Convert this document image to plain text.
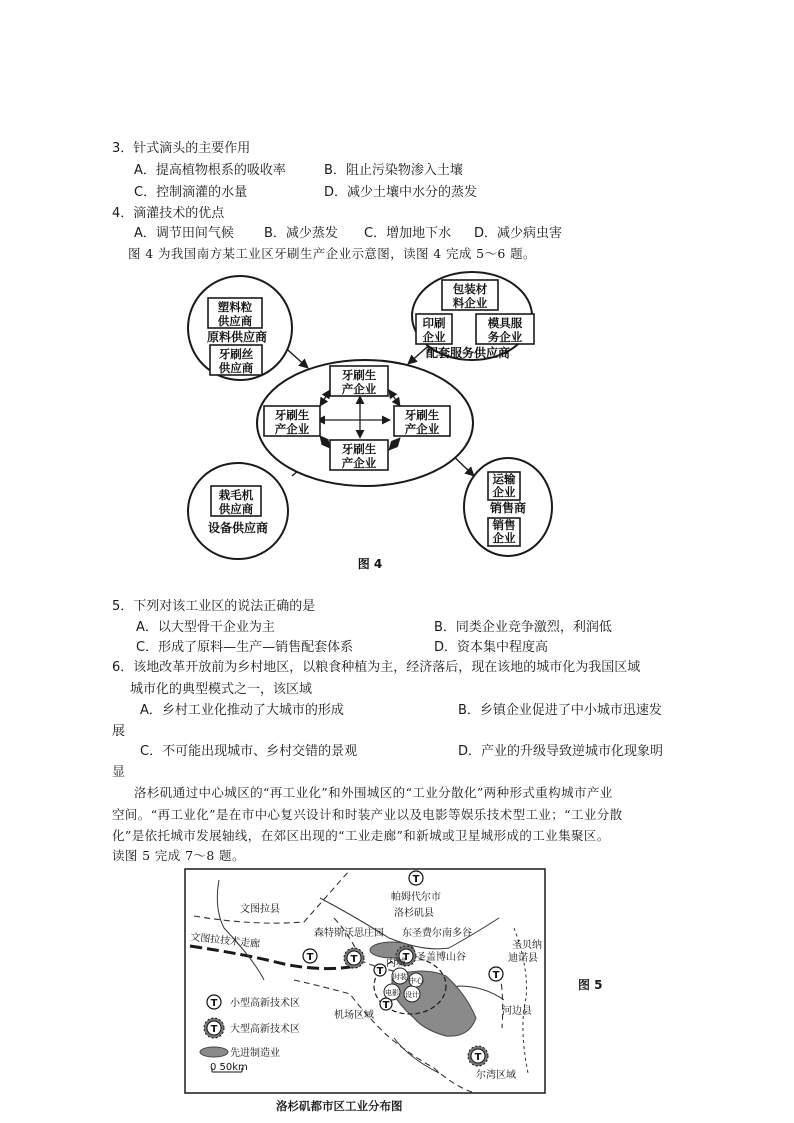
3．针式滴头的主要作用
A．提高植物根系的吸收率	B．阻止污染物渗入土壤
C．控制滴灌的水量	D．减少土壤中水分的蒸发
4．滴灌技术的优点
A．调节田间气候 B．减少蒸发 C．增加地下水 D．减少病虫害
图 4 为我国南方某工业区牙刷生产企业示意图，读图 4 完成 5～6 题。
塑料粒
供应商
原料供应商
牙刷丝
供应商
包装材
料企业
印刷
企业
模具服
务企业
配套服务供应商
牙刷生
产企业
牙刷生
产企业
牙刷生
产企业
牙刷生
产企业
栽毛机
供应商
设备供应商
运输
企业
销售商
销售
企业
图 4
5．下列对该工业区的说法正确的是
A．以大型骨干企业为主	B．同类企业竞争激烈，利润低
C．形成了原料—生产—销售配套体系	D．资本集中程度高
6．该地改革开放前为乡村地区，以粮食种植为主，经济落后，现在该地的城市化为我国区域
城市化的典型模式之一，该区域
A．乡村工业化推动了大城市的形成	B．乡镇企业促进了中小城市迅速发
展
C．不可能出现城市、乡村交错的景观	D．产业的升级导致逆城市化现象明
显
洛杉矶通过中心城区的“再工业化”和外围城区的“工业分散化”两种形式重构城市产业
空间。“再工业化”是在市中心复兴设计和时装产业以及电影等娱乐技术型工业；“工业分散
化”是依托城市发展轴线，在郊区出现的“工业走廊”和新城或卫星城形成的工业集聚区。
读图 5 完成 7～8 题。
时装
电影 设计
中心
T
T
T
T
T
T	T
T
帕姆代尔市
洛杉矶县
文图拉县
文图拉技术走廊	森特斯沃思庄园 东圣费尔南多谷
圣盖博山谷
圣贝纳
迪诺县
内城
机场区域	河边县
尔湾区域
T 小型高新技术区
T 大型高新技术区
先进制造业
0 50km
图 5
洛杉矶都市区工业分布图
